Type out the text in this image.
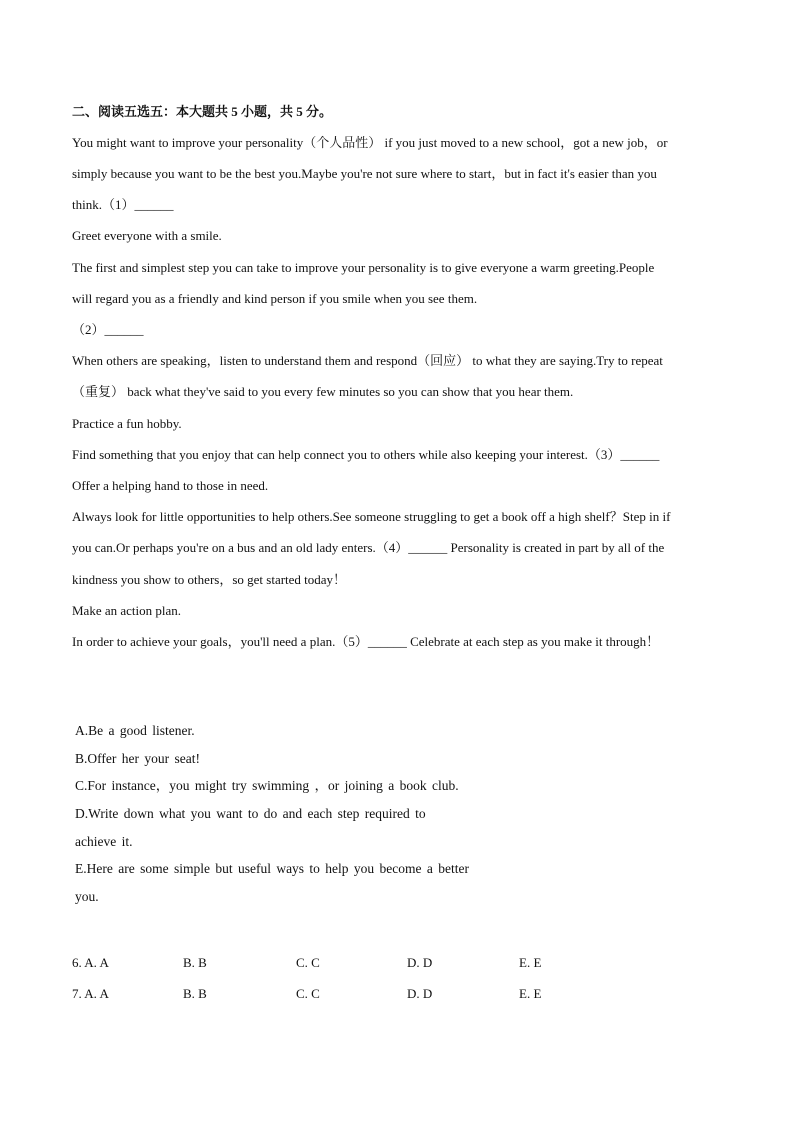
二、阅读五选五：本大题共 5 小题，共 5 分。
You might want to improve your personality（个人品性） if you just moved to a new school，got a new job，or
simply because you want to be the best you.Maybe you're not sure where to start，but in fact it's easier than you
think.（1）______
Greet everyone with a smile.
The first and simplest step you can take to improve your personality is to give everyone a warm greeting.People
will regard you as a friendly and kind person if you smile when you see them.
（2）______
When others are speaking，listen to understand them and respond（回应） to what they are saying.Try to repeat
（重复） back what they've said to you every few minutes so you can show that you hear them.
Practice a fun hobby.
Find something that you enjoy that can help connect you to others while also keeping your interest.（3）______
Offer a helping hand to those in need.
Always look for little opportunities to help others.See someone struggling to get a book off a high shelf？Step in if
you can.Or perhaps you're on a bus and an old lady enters.（4）______ Personality is created in part by all of the
kindness you show to others，so get started today！
Make an action plan.
In order to achieve your goals，you'll need a plan.（5）______ Celebrate at each step as you make it through！
A.Be a good listener.
B.Offer her your seat!
C.For instance，you might try swimming ，or joining a book club.
D.Write down what you want to do and each step required to
achieve it.
E.Here are some simple but useful ways to help you become a better
you.
6. A. A	B. B	C. C	D. D	E. E
7. A. A	B. B	C. C	D. D	E. E
